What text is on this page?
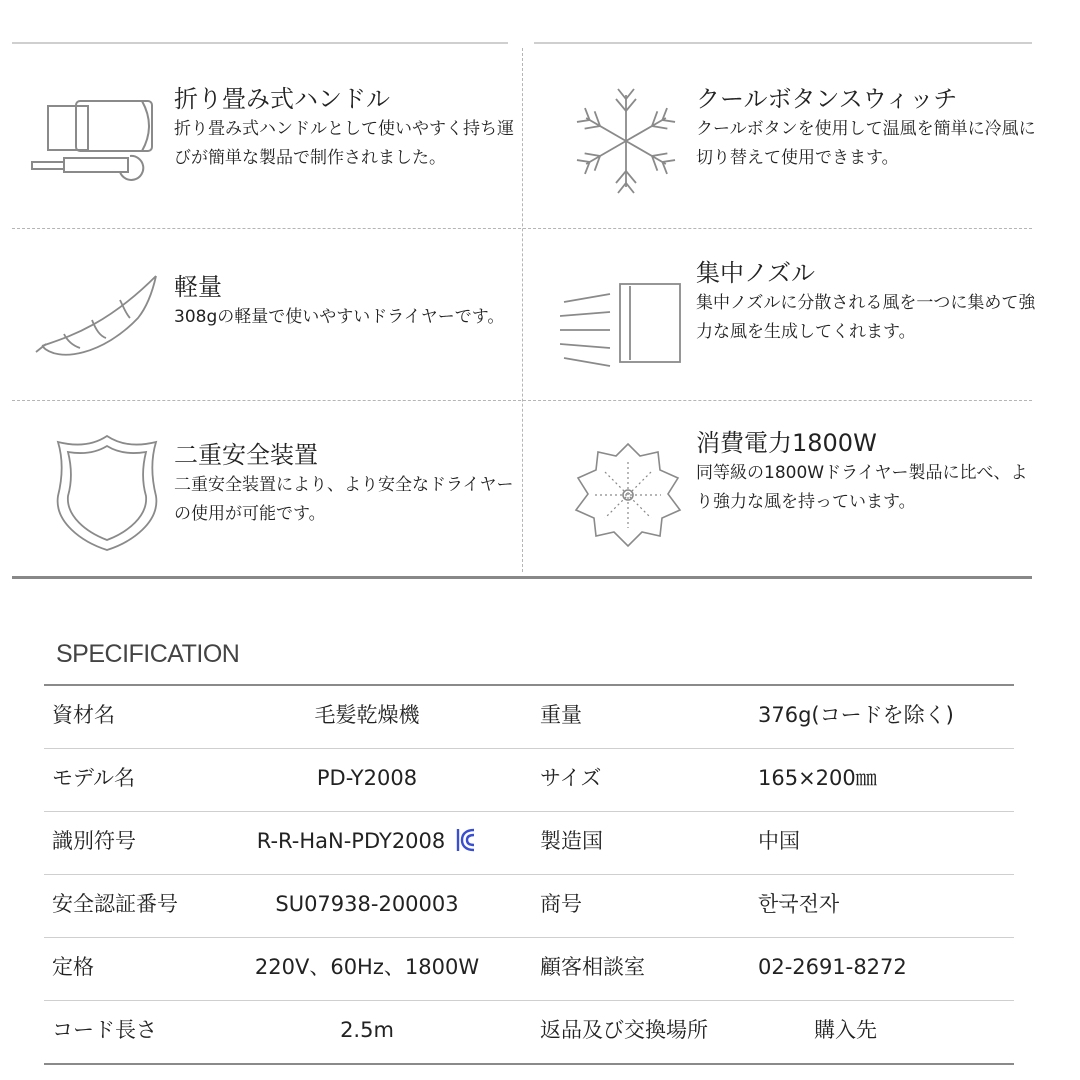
折り畳み式ハンドル
折り畳み式ハンドルとして使いやすく持ち運びが簡単な製品で制作されました。
クールボタンスウィッチ
クールボタンを使用して温風を簡単に冷風に切り替えて使用できます。
軽量
308gの軽量で使いやすいドライヤーです。
集中ノズル
集中ノズルに分散される風を一つに集めて強力な風を生成してくれます。
二重安全装置
二重安全装置により、より安全なドライヤーの使用が可能です。
消費電力1800W
同等級の1800Wドライヤー製品に比べ、より強力な風を持っています。
SPECIFICATION
資材名	毛髪乾燥機	重量	376g(コードを除く)
モデル名	PD-Y2008	サイズ	165×200㎜
識別符号	R-R-HaN-PDY2008	製造国	中国
安全認証番号	SU07938-200003	商号	한국전자
定格	220V、60Hz、1800W	顧客相談室	02-2691-8272
コード長さ	2.5m	返品及び交換場所	購入先
